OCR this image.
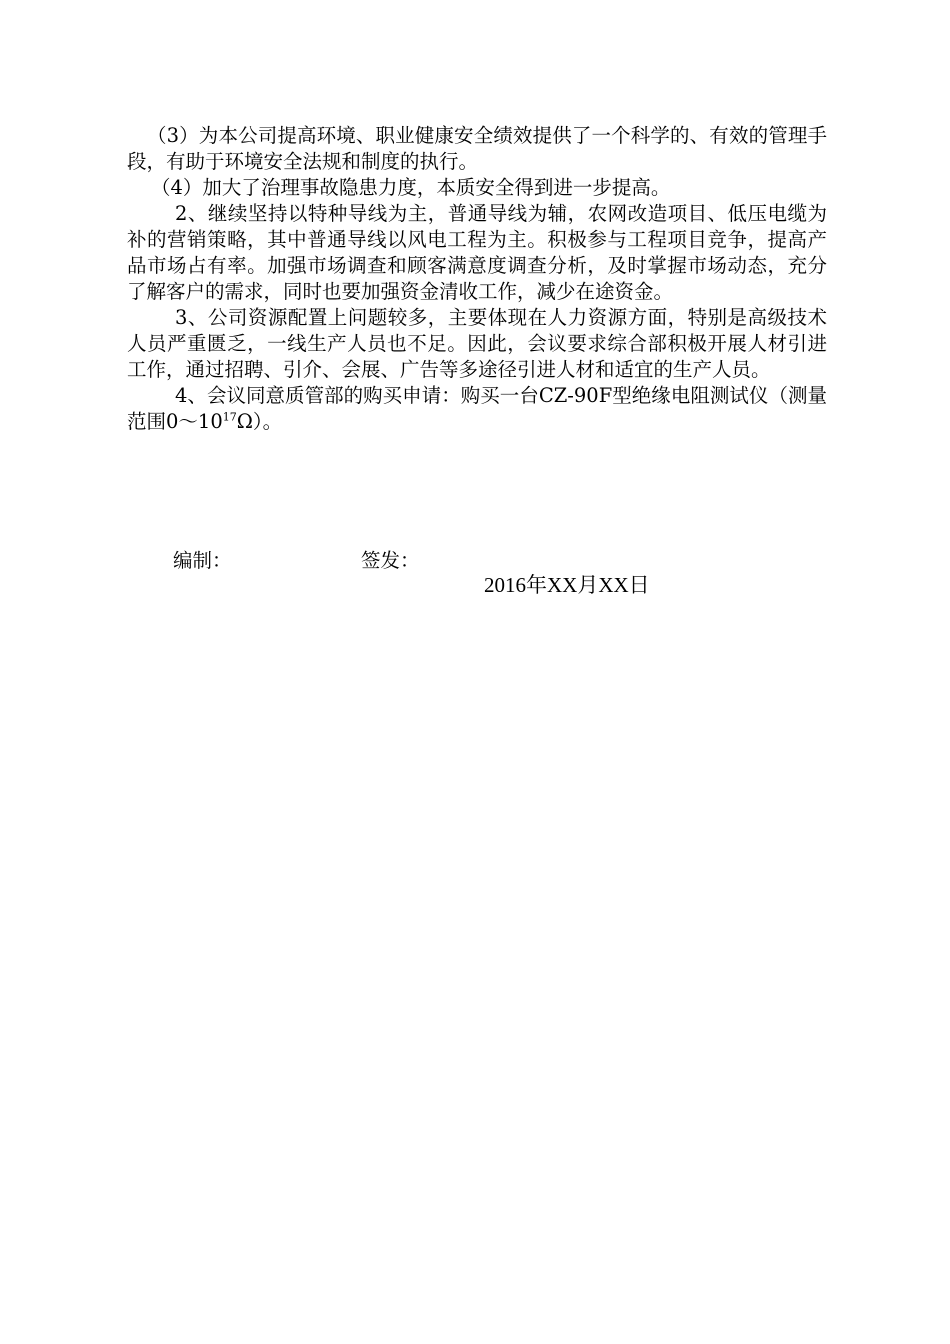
（3）为本公司提高环境、职业健康安全绩效提供了一个科学的、有效的管理手段，有助于环境安全法规和制度的执行。

（4）加大了治理事故隐患力度，本质安全得到进一步提高。

2、继续坚持以特种导线为主，普通导线为辅，农网改造项目、低压电缆为补的营销策略，其中普通导线以风电工程为主。积极参与工程项目竞争，提高产品市场占有率。加强市场调查和顾客满意度调查分析，及时掌握市场动态，充分了解客户的需求，同时也要加强资金清收工作，减少在途资金。

3、公司资源配置上问题较多，主要体现在人力资源方面，特别是高级技术人员严重匮乏，一线生产人员也不足。因此，会议要求综合部积极开展人材引进工作，通过招聘、引介、会展、广告等多途径引进人材和适宜的生产人员。

4、会议同意质管部的购买申请：购买一台CZ-90F型绝缘电阻测试仪（测量范围$0\sim 10^{17}\Omega$）。

编制：	签发：
2016年XX月XX日
